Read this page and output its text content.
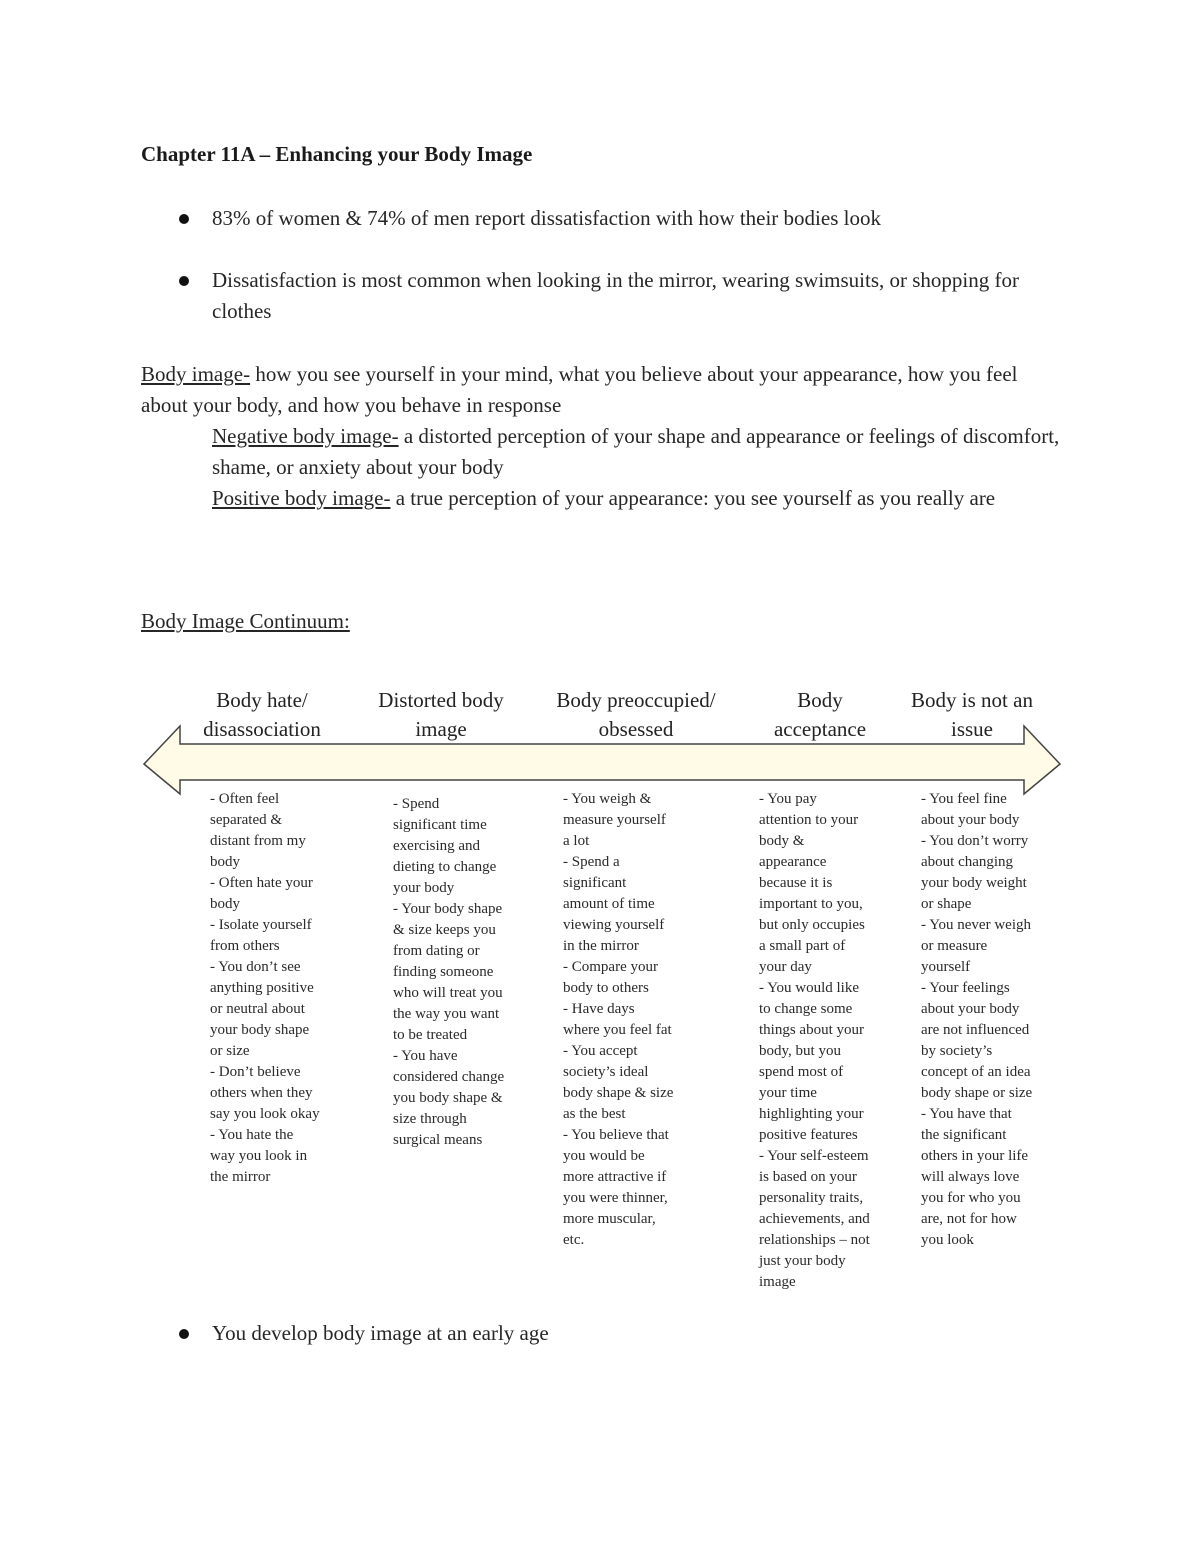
Chapter 11A – Enhancing your Body Image
83% of women & 74% of men report dissatisfaction with how their bodies look
Dissatisfaction is most common when looking in the mirror, wearing swimsuits, or shopping for clothes
Body image- how you see yourself in your mind, what you believe about your appearance, how you feel about your body, and how you behave in response
Negative body image- a distorted perception of your shape and appearance or feelings of discomfort, shame, or anxiety about your body
Positive body image- a true perception of your appearance: you see yourself as you really are
Body Image Continuum:
Body hate/
disassociation
Distorted body
image
Body preoccupied/
obsessed
Body
acceptance
Body is not an
issue
- Often feel
separated &
distant from my
body
- Often hate your
body
- Isolate yourself
from others
- You don’t see
anything positive
or neutral about
your body shape
or size
- Don’t believe
others when they
say you look okay
- You hate the
way you look in
the mirror
- Spend
significant time
exercising and
dieting to change
your body
- Your body shape
& size keeps you
from dating or
finding someone
who will treat you
the way you want
to be treated
- You have
considered change
you body shape &
size through
surgical means
- You weigh &
measure yourself
a lot
- Spend a
significant
amount of time
viewing yourself
in the mirror
- Compare your
body to others
- Have days
where you feel fat
- You accept
society’s ideal
body shape & size
as the best
- You believe that
you would be
more attractive if
you were thinner,
more muscular,
etc.
- You pay
attention to your
body &
appearance
because it is
important to you,
but only occupies
a small part of
your day
- You would like
to change some
things about your
body, but you
spend most of
your time
highlighting your
positive features
- Your self-esteem
is based on your
personality traits,
achievements, and
relationships – not
just your body
image
- You feel fine
about your body
- You don’t worry
about changing
your body weight
or shape
- You never weigh
or measure
yourself
- Your feelings
about your body
are not influenced
by society’s
concept of an idea
body shape or size
- You have that
the significant
others in your life
will always love
you for who you
are, not for how
you look
You develop body image at an early age
